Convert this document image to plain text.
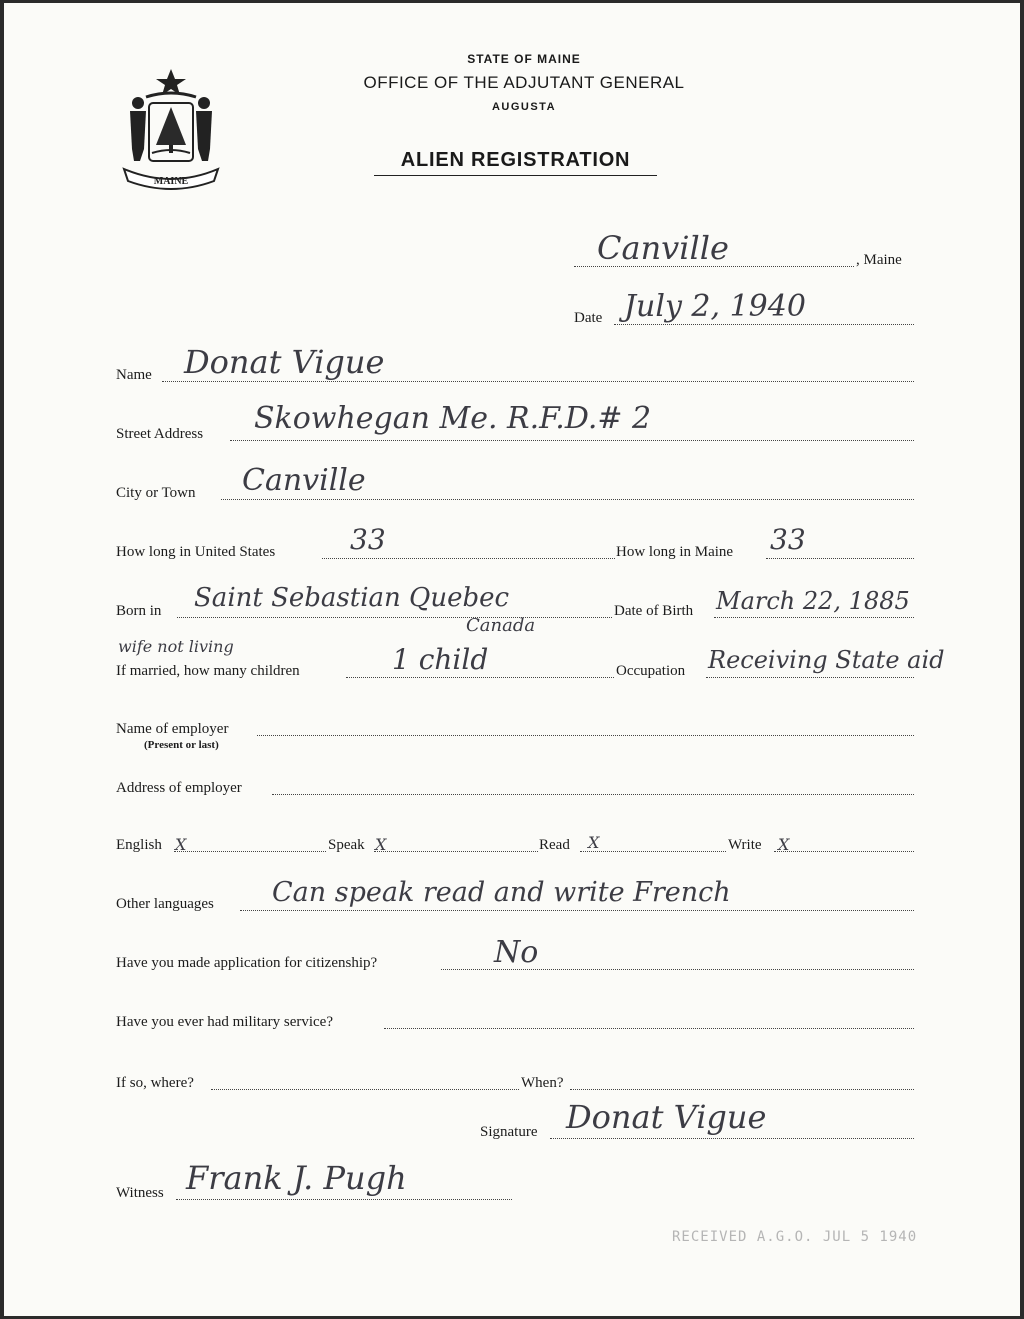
MAINE
STATE OF MAINE
OFFICE OF THE ADJUTANT GENERAL
AUGUSTA
ALIEN REGISTRATION
Canville	, Maine
Date July 2, 1940
Name Donat Vigue
Street Address Skowhegan Me. R.F.D.# 2
City or Town Canville
How long in United States	33	How long in Maine 33
Born in Saint Sebastian Quebec
Canada
Date of Birth March 22, 1885
wife not living
If married, how many children	1 child	Occupation Receiving State aid
Name of employer
(Present or last)
Address of employer
English X	Speak X	Read X	Write X
Other languages Can speak read and write French
Have you made application for citizenship?	No
Have you ever had military service?
If so, where?	When?
Signature Donat Vigue
Witness Frank J. Pugh
RECEIVED A.G.O. JUL 5 1940
